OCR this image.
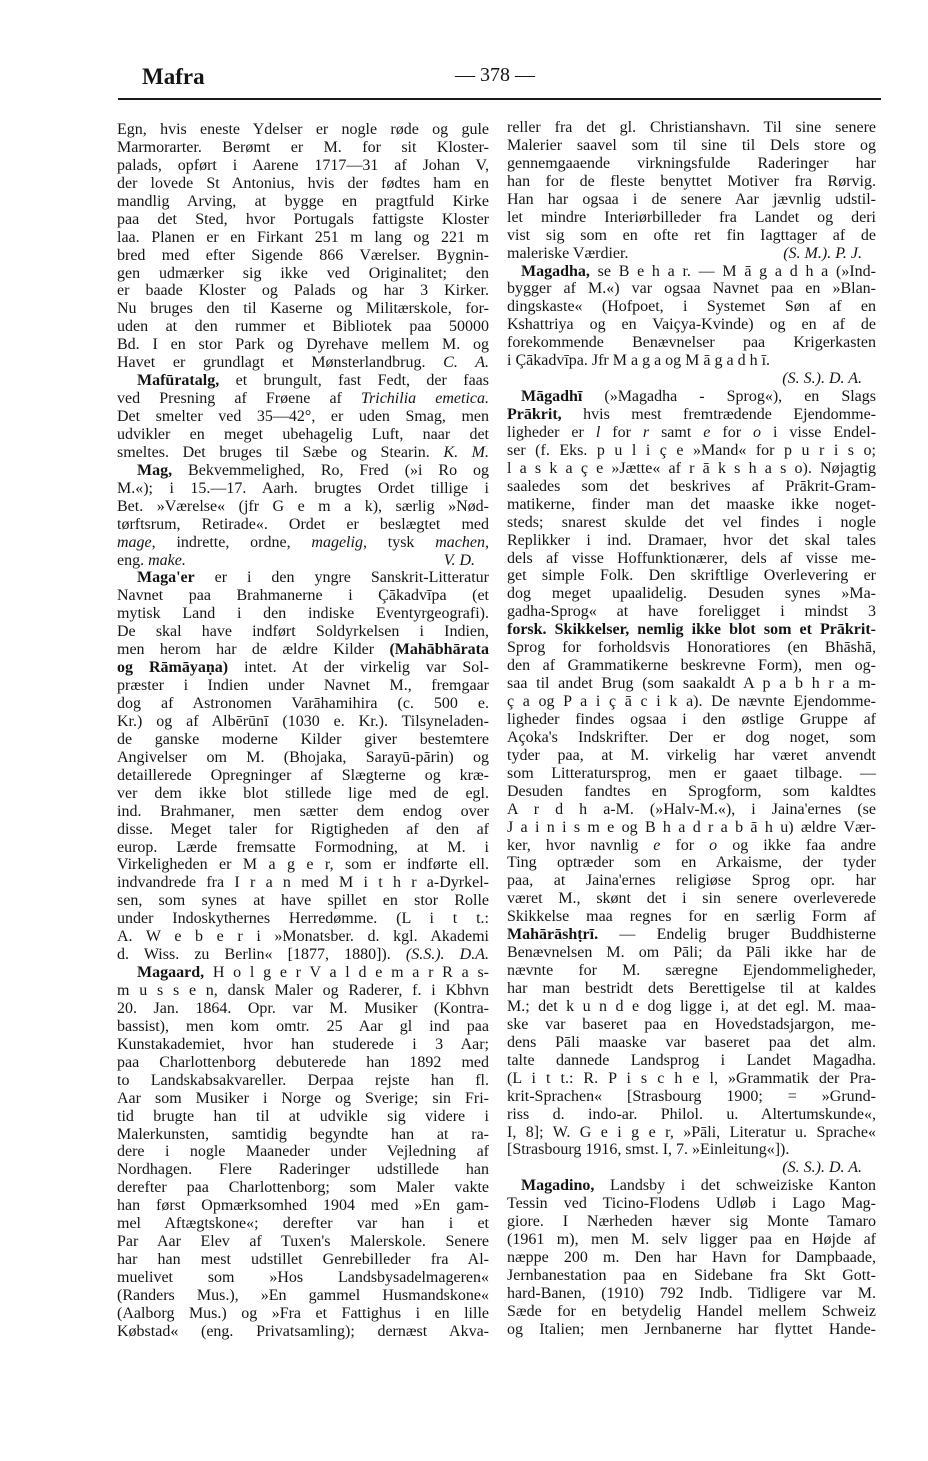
Mafra	— 378 —
Egn, hvis eneste Ydelser er nogle røde og gule
Marmorarter. Berømt er M. for sit Kloster-
palads, opført i Aarene 1717—31 af Johan V,
der lovede St Antonius, hvis der fødtes ham en
mandlig Arving, at bygge en pragtfuld Kirke
paa det Sted, hvor Portugals fattigste Kloster
laa. Planen er en Firkant 251 m lang og 221 m
bred med efter Sigende 866 Værelser. Bygnin-
gen udmærker sig ikke ved Originalitet; den
er baade Kloster og Palads og har 3 Kirker.
Nu bruges den til Kaserne og Militærskole, for-
uden at den rummer et Bibliotek paa 50000
Bd. I en stor Park og Dyrehave mellem M. og
Havet er grundlagt et Mønsterlandbrug. C. A.
Mafūratalg, et brungult, fast Fedt, der faas
ved Presning af Frøene af Trichilia emetica.
Det smelter ved 35—42°, er uden Smag, men
udvikler en meget ubehagelig Luft, naar det
smeltes. Det bruges til Sæbe og Stearin. K. M.
Mag, Bekvemmelighed, Ro, Fred (»i Ro og
M.«); i 15.—17. Aarh. brugtes Ordet tillige i
Bet. »Værelse« (jfr G e m a k), særlig »Nød-
tørftsrum, Retirade«. Ordet er beslægtet med
mage, indrette, ordne, magelig, tysk machen,
eng. make.	V. D.
Maga'er er i den yngre Sanskrit-Litteratur
Navnet paa Brahmanerne i Çākadvīpa (et
mytisk Land i den indiske Eventyrgeografi).
De skal have indført Soldyrkelsen i Indien,
men herom har de ældre Kilder (Mahābhārata
og Rāmāyaṇa) intet. At der virkelig var Sol-
præster i Indien under Navnet M., fremgaar
dog af Astronomen Varāhamihira (c. 500 e.
Kr.) og af Albērūnī (1030 e. Kr.). Tilsyneladen-
de ganske moderne Kilder giver bestemtere
Angivelser om M. (Bhojaka, Sarayū-pārin) og
detaillerede Opregninger af Slægterne og kræ-
ver dem ikke blot stillede lige med de egl.
ind. Brahmaner, men sætter dem endog over
disse. Meget taler for Rigtigheden af den af
europ. Lærde fremsatte Formodning, at M. i
Virkeligheden er M a g e r, som er indførte ell.
indvandrede fra I r a n med M i t h r a-Dyrkel-
sen, som synes at have spillet en stor Rolle
under Indoskythernes Herredømme. (L i t t.:
A. W e b e r i »Monatsber. d. kgl. Akademi
d. Wiss. zu Berlin« [1877, 1880]). (S.S.). D.A.
Magaard, H o l g e r V a l d e m a r R a s-
m u s s e n, dansk Maler og Raderer, f. i Kbhvn
20. Jan. 1864. Opr. var M. Musiker (Kontra-
bassist), men kom omtr. 25 Aar gl ind paa
Kunstakademiet, hvor han studerede i 3 Aar;
paa Charlottenborg debuterede han 1892 med
to Landskabsakvareller. Derpaa rejste han fl.
Aar som Musiker i Norge og Sverige; sin Fri-
tid brugte han til at udvikle sig videre i
Malerkunsten, samtidig begyndte han at ra-
dere i nogle Maaneder under Vejledning af
Nordhagen. Flere Raderinger udstillede han
derefter paa Charlottenborg; som Maler vakte
han først Opmærksomhed 1904 med »En gam-
mel Aftægtskone«; derefter var han i et
Par Aar Elev af Tuxen's Malerskole. Senere
har han mest udstillet Genrebilleder fra Al-
muelivet som »Hos Landsbysadelmageren«
(Randers Mus.), »En gammel Husmandskone«
(Aalborg Mus.) og »Fra et Fattighus i en lille
Købstad« (eng. Privatsamling); dernæst Akva-
reller fra det gl. Christianshavn. Til sine senere
Malerier saavel som til sine til Dels store og
gennemgaaende virkningsfulde Raderinger har
han for de fleste benyttet Motiver fra Rørvig.
Han har ogsaa i de senere Aar jævnlig udstil-
let mindre Interiørbilleder fra Landet og deri
vist sig som en ofte ret fin Iagttager af de
maleriske Værdier.	(S. M.). P. J.
Magadha, se B e h a r. — M ā g a d h a (»Ind-
bygger af M.«) var ogsaa Navnet paa en »Blan-
dingskaste« (Hofpoet, i Systemet Søn af en
Kshattriya og en Vaiçya-Kvinde) og en af de
forekommende Benævnelser paa Krigerkasten
i Çākadvīpa. Jfr M a g a og M ā g a d h ī.
(S. S.). D. A.
Māgadhī (»Magadha - Sprog«), en Slags
Prākrit, hvis mest fremtrædende Ejendomme-
ligheder er l for r samt e for o i visse Endel-
ser (f. Eks. p u l i ç e »Mand« for p u r i s o;
l a s k a ç e »Jætte« af r ā k s h a s o). Nøjagtig
saaledes som det beskrives af Prākrit-Gram-
matikerne, finder man det maaske ikke noget-
steds; snarest skulde det vel findes i nogle
Replikker i ind. Dramaer, hvor det skal tales
dels af visse Hoffunktionærer, dels af visse me-
get simple Folk. Den skriftlige Overlevering er
dog meget upaalidelig. Desuden synes »Ma-
gadha-Sprog« at have foreligget i mindst 3
forsk. Skikkelser, nemlig ikke blot som et Prākrit-
Sprog for forholdsvis Honoratiores (en Bhāshā,
den af Grammatikerne beskrevne Form), men og-
saa til andet Brug (som saakaldt A p a b h r a m-
ç a og P a i ç ā c i k a). De nævnte Ejendomme-
ligheder findes ogsaa i den østlige Gruppe af
Açoka's Indskrifter. Der er dog noget, som
tyder paa, at M. virkelig har været anvendt
som Litteratursprog, men er gaaet tilbage. —
Desuden fandtes en Sprogform, som kaldtes
A r d h a-M. (»Halv-M.«), i Jaina'ernes (se
J a i n i s m e og B h a d r a b ā h u) ældre Vær-
ker, hvor navnlig e for o og ikke faa andre
Ting optræder som en Arkaisme, der tyder
paa, at Jaina'ernes religiøse Sprog opr. har
været M., skønt det i sin senere overleverede
Skikkelse maa regnes for en særlig Form af
Mahārāshṭrī. — Endelig bruger Buddhisterne
Benævnelsen M. om Pāli; da Pāli ikke har de
nævnte for M. særegne Ejendommeligheder,
har man bestridt dets Berettigelse til at kaldes
M.; det k u n d e dog ligge i, at det egl. M. maa-
ske var baseret paa en Hovedstadsjargon, me-
dens Pāli maaske var baseret paa det alm.
talte dannede Landsprog i Landet Magadha.
(L i t t.: R. P i s c h e l, »Grammatik der Pra-
krit-Sprachen« [Strasbourg 1900; = »Grund-
riss d. indo-ar. Philol. u. Altertumskunde«,
I, 8]; W. G e i g e r, »Pāli, Literatur u. Sprache«
[Strasbourg 1916, smst. I, 7. »Einleitung«]).
(S. S.). D. A.
Magadino, Landsby i det schweiziske Kanton
Tessin ved Ticino-Flodens Udløb i Lago Mag-
giore. I Nærheden hæver sig Monte Tamaro
(1961 m), men M. selv ligger paa en Højde af
næppe 200 m. Den har Havn for Dampbaade,
Jernbanestation paa en Sidebane fra Skt Gott-
hard-Banen, (1910) 792 Indb. Tidligere var M.
Sæde for en betydelig Handel mellem Schweiz
og Italien; men Jernbanerne har flyttet Hande-
